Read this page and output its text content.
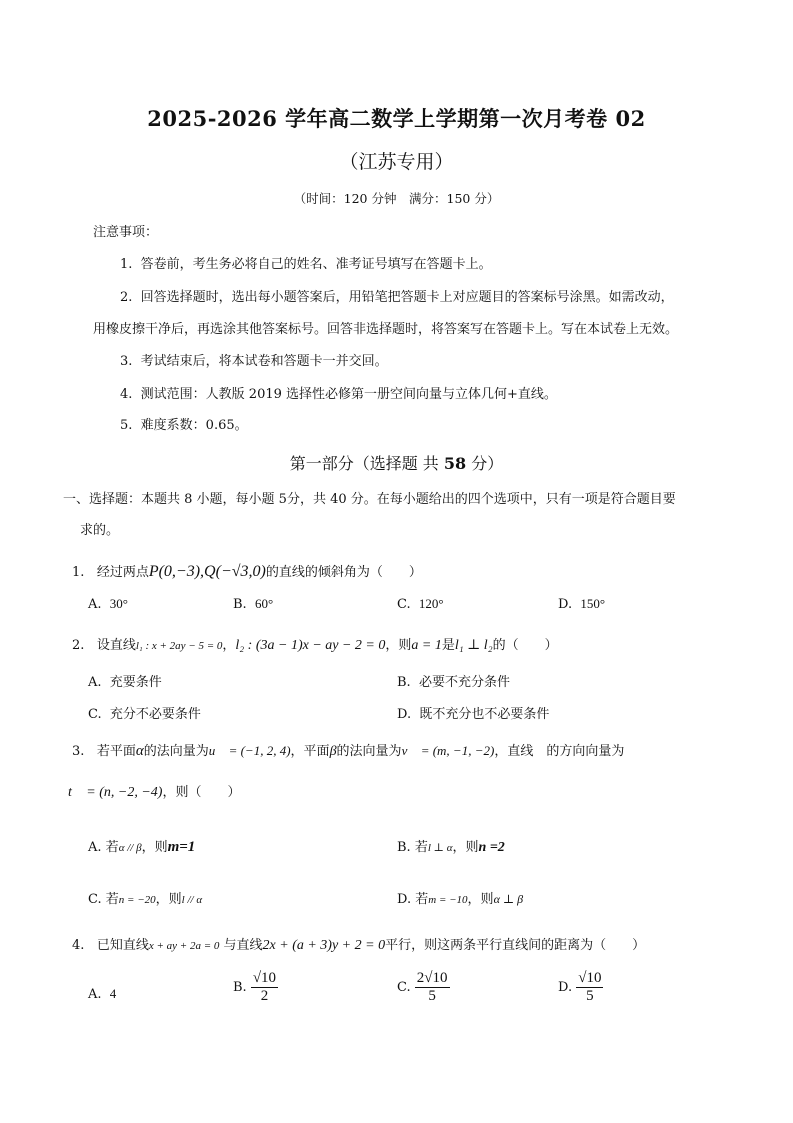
2025-2026 学年高二数学上学期第一次月考卷 02
（江苏专用）
（时间：120 分钟　满分：150 分）
注意事项：
1. 答卷前，考生务必将自己的姓名、准考证号填写在答题卡上。
2. 回答选择题时，选出每小题答案后，用铅笔把答题卡上对应题目的答案标号涂黑。如需改动，
用橡皮擦干净后，再选涂其他答案标号。回答非选择题时，将答案写在答题卡上。写在本试卷上无效。
3. 考试结束后，将本试卷和答题卡一并交回。
4. 测试范围：人教版 2019 选择性必修第一册空间向量与立体几何+直线。
5. 难度系数：0.65。
第一部分（选择题 共 58 分）
一、选择题：本题共 8 小题，每小题 5分，共 40 分。在每小题给出的四个选项中，只有一项是符合题目要
求的。
1. 经过两点P(0,−3),Q(−√3,0)的直线的倾斜角为（　　）
A. 30°	B. 60°	C. 120°	D. 150°
2. 设直线l₁ : x + 2ay − 5 = 0，l₂ : (3a − 1)x − ay − 2 = 0，则a = 1是l₁ ⊥ l₂的（　　）
A. 充要条件	B. 必要不充分条件
C. 充分不必要条件	D. 既不充分也不必要条件
3. 若平面α的法向量为u⃗ = (−1, 2, 4)，平面β的法向量为v⃗ = (m, −1, −2)，直线　的方向向量为
t⃗ = (n, −2, −4)，则（　　）
A. 若α // β，则m=1	B. 若l ⊥ α，则n =2
C. 若n = −20，则l // α	D. 若m = −10，则α ⊥ β
4. 已知直线x + ay + 2a = 0 与直线2x + (a + 3)y + 2 = 0平行，则这两条平行直线间的距离为（　　）
A. 4	B. $\frac{√10}{2}$	C. $\frac{2√10}{5}$	D. $\frac{√10}{5}$
